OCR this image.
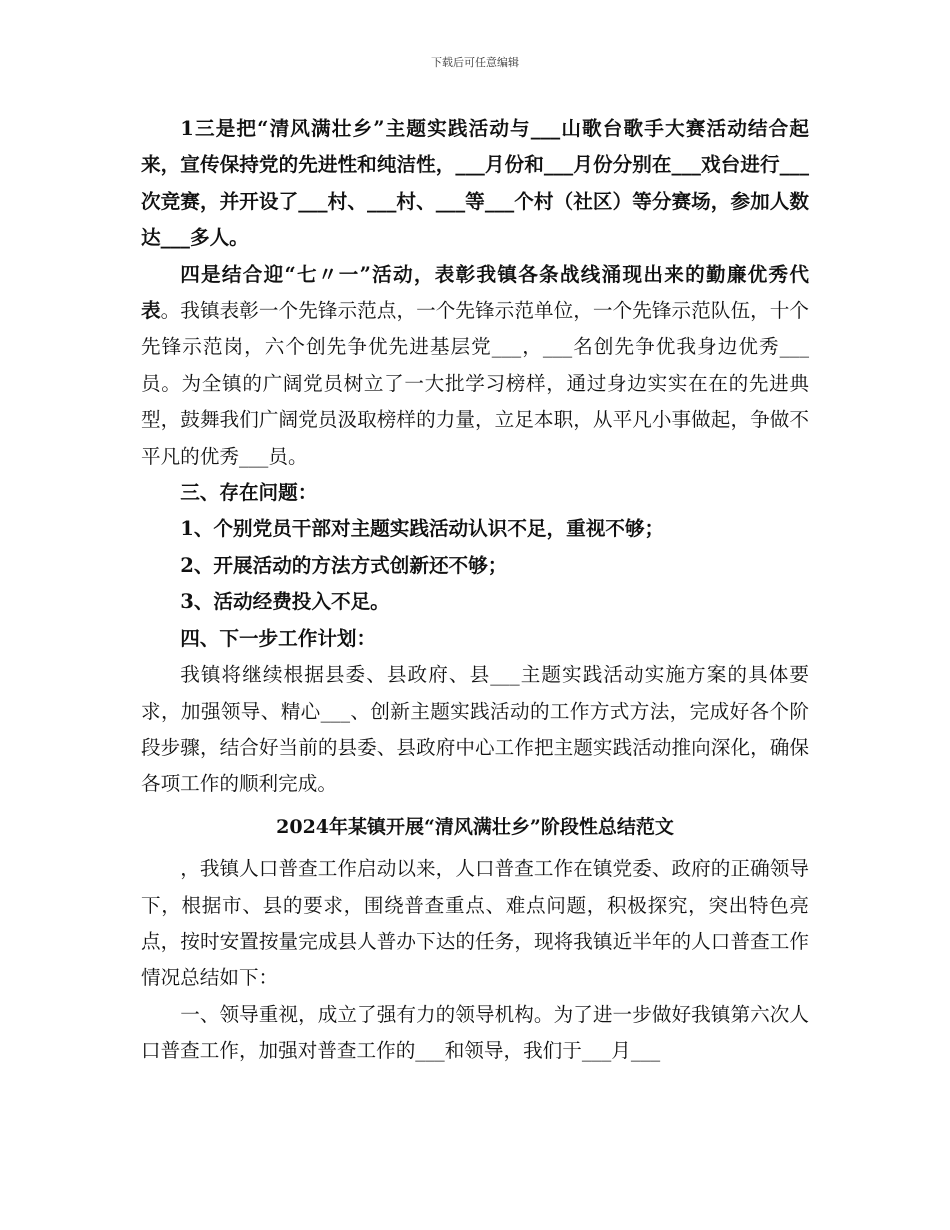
下载后可任意编辑

1三是把“清风满壮乡”主题实践活动与___山歌台歌手大赛活动结合起来，宣传保持党的先进性和纯洁性，___月份和___月份分别在___戏台进行___次竞赛，并开设了___村、___村、___等___个村（社区）等分赛场，参加人数达___多人。

四是结合迎“七〃一”活动，表彰我镇各条战线涌现出来的勤廉优秀代表。我镇表彰一个先锋示范点，一个先锋示范单位，一个先锋示范队伍，十个先锋示范岗，六个创先争优先进基层党___，___名创先争优我身边优秀___员。为全镇的广阔党员树立了一大批学习榜样，通过身边实实在在的先进典型，鼓舞我们广阔党员汲取榜样的力量，立足本职，从平凡小事做起，争做不平凡的优秀___员。

三、存在问题：

1、个别党员干部对主题实践活动认识不足，重视不够；

2、开展活动的方法方式创新还不够；

3、活动经费投入不足。

四、下一步工作计划：

我镇将继续根据县委、县政府、县___主题实践活动实施方案的具体要求，加强领导、精心___、创新主题实践活动的工作方式方法，完成好各个阶段步骤，结合好当前的县委、县政府中心工作把主题实践活动推向深化，确保各项工作的顺利完成。

2024年某镇开展“清风满壮乡”阶段性总结范文

，我镇人口普查工作启动以来，人口普查工作在镇党委、政府的正确领导下，根据市、县的要求，围绕普查重点、难点问题，积极探究，突出特色亮点，按时安置按量完成县人普办下达的任务，现将我镇近半年的人口普查工作情况总结如下：

一、领导重视，成立了强有力的领导机构。为了进一步做好我镇第六次人口普查工作，加强对普查工作的___和领导，我们于___月___
